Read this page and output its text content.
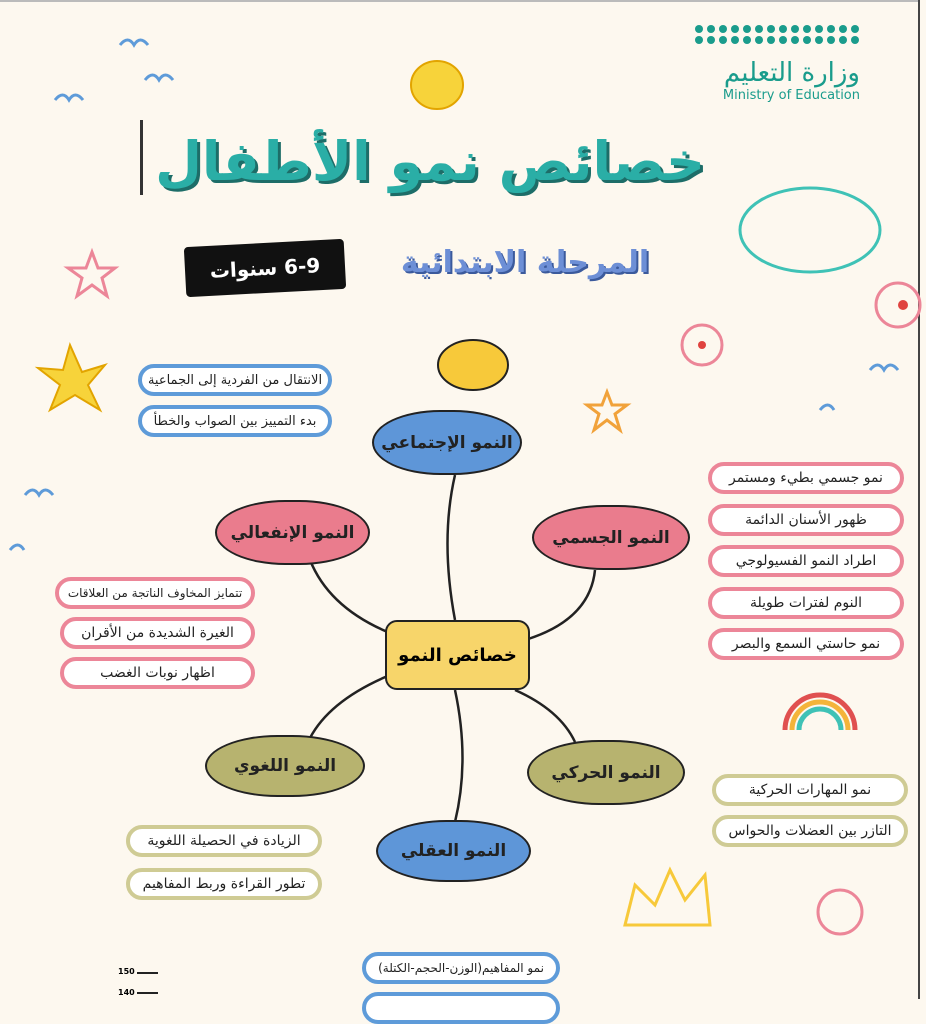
150
140
وزارة التعليم
Ministry of Education
خصائص نمو الأطفال
المرحلة الابتدائية
6-9 سنوات
خصائص النمو
النمو الإجتماعي
النمو الإنفعالي	النمو الجسمي
النمو اللغوي	النمو الحركي
النمو العقلي
الانتقال من الفردية إلى الجماعية
بدء التمييز بين الصواب والخطأ
تتمايز المخاوف الناتجة من العلاقات
الغيرة الشديدة من الأقران
اظهار نوبات الغضب
نمو جسمي بطيء ومستمر
ظهور الأسنان الدائمة
اطراد النمو الفسيولوجي
النوم لفترات طويلة
نمو حاستي السمع والبصر
نمو المهارات الحركية
التازر بين العضلات والحواس
الزيادة في الحصيلة اللغوية
تطور القراءة وربط المفاهيم
نمو المفاهيم(الوزن-الحجم-الكتلة)
